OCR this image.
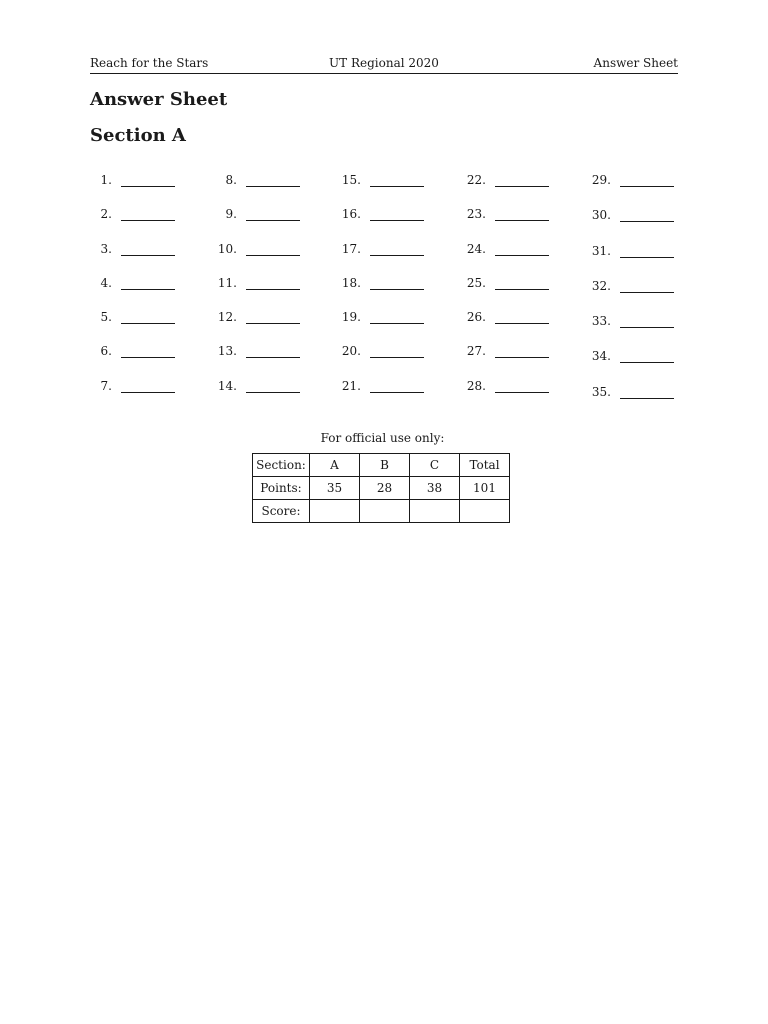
Reach for the Stars	UT Regional 2020	Answer Sheet
Answer Sheet
Section A
1.
2.
3.
4.
5.
6.
7.
8.
9.
10.
11.
12.
13.
14.
15.
16.
17.
18.
19.
20.
21.
22.
23.
24.
25.
26.
27.
28.
29.
30.
31.
32.
33.
34.
35.
For official use only:
Section:	A	B	C	Total
Points:	35	28	38	101
Score:				
